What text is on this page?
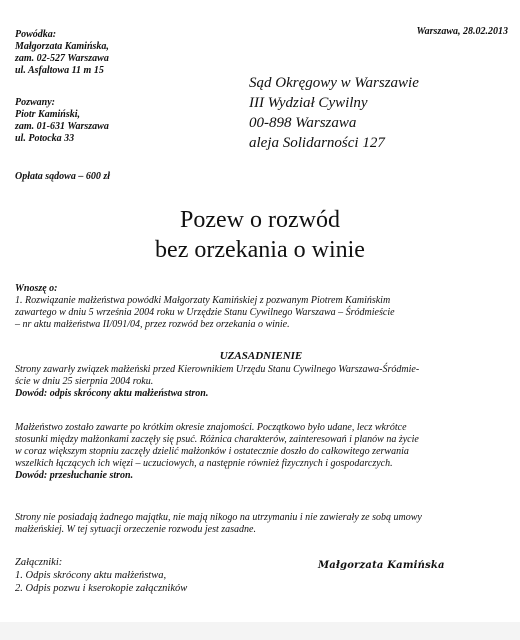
Warszawa, 28.02.2013
Powódka:
Małgorzata Kamińska,
zam. 02-527 Warszawa
ul. Asfaltowa 11 m 15
Pozwany:
Piotr Kamiński,
zam. 01-631 Warszawa
ul. Potocka 33
Opłata sądowa – 600 zł
Sąd Okręgowy w Warszawie
III Wydział Cywilny
00-898 Warszawa
aleja Solidarności 127
Pozew o rozwód
bez orzekania o winie

Wnoszę o:

1. Rozwiązanie małżeństwa powódki Małgorzaty Kamińskiej z pozwanym Piotrem Kamińskim

zawartego w dniu 5 września 2004 roku w Urzędzie Stanu Cywilnego Warszawa – Śródmieście

– nr aktu małżeństwa II/091/04, przez rozwód bez orzekania o winie.

UZASADNIENIE

Strony zawarły związek małżeński przed Kierownikiem Urzędu Stanu Cywilnego Warszawa-Śródmie-

ście w dniu 25 sierpnia 2004 roku.

Dowód: odpis skrócony aktu małżeństwa stron.

Małżeństwo zostało zawarte po krótkim okresie znajomości. Początkowo było udane, lecz wkrótce

stosunki między małżonkami zaczęły się psuć. Różnica charakterów, zainteresowań i planów na życie

w coraz większym stopniu zaczęły dzielić małżonków i ostatecznie doszło do całkowitego zerwania

wszelkich łączących ich więzi – uczuciowych, a następnie również fizycznych i gospodarczych.

Dowód: przesłuchanie stron.

Strony nie posiadają żadnego majątku, nie mają nikogo na utrzymaniu i nie zawierały ze sobą umowy

małżeńskiej. W tej sytuacji orzeczenie rozwodu jest zasadne.

Załączniki:
1. Odpis skrócony aktu małżeństwa,
2. Odpis pozwu i kserokopie załączników
Małgorzata Kamińska
